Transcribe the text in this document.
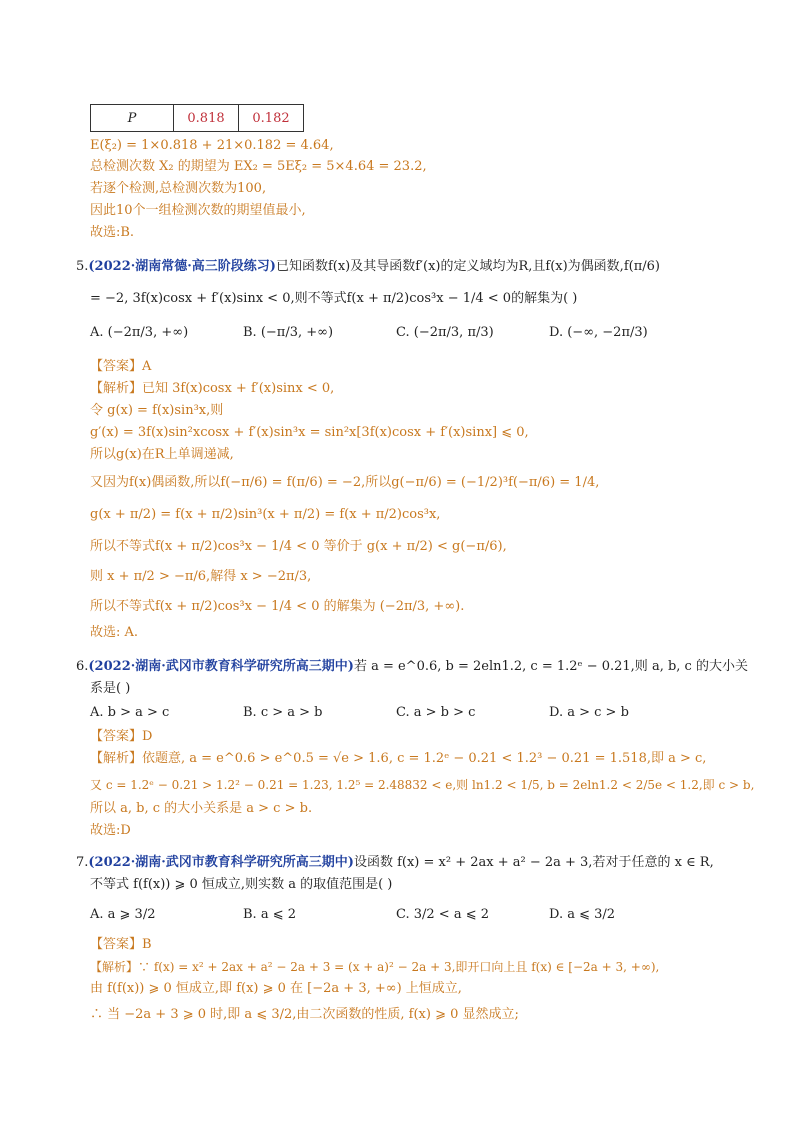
P	0.818	0.182
E(ξ₂) = 1×0.818 + 21×0.182 = 4.64,
总检测次数 X₂ 的期望为 EX₂ = 5Eξ₂ = 5×4.64 = 23.2,
若逐个检测,总检测次数为100,
因此10个一组检测次数的期望值最小,
故选:B.
5.(2022·湖南常德·高三阶段练习)已知函数f(x)及其导函数f′(x)的定义域均为R,且f(x)为偶函数,f(π/6)
= −2, 3f(x)cosx + f′(x)sinx < 0,则不等式f(x + π/2)cos³x − 1/4 < 0的解集为( )
A. (−2π/3, +∞)	B. (−π/3, +∞)	C. (−2π/3, π/3)	D. (−∞, −2π/3)
【答案】A
【解析】已知 3f(x)cosx + f′(x)sinx < 0,
令 g(x) = f(x)sin³x,则
g′(x) = 3f(x)sin²xcosx + f′(x)sin³x = sin²x[3f(x)cosx + f′(x)sinx] ⩽ 0,
所以g(x)在R上单调递减,
又因为f(x)偶函数,所以f(−π/6) = f(π/6) = −2,所以g(−π/6) = (−1/2)³f(−π/6) = 1/4,
g(x + π/2) = f(x + π/2)sin³(x + π/2) = f(x + π/2)cos³x,
所以不等式f(x + π/2)cos³x − 1/4 < 0 等价于 g(x + π/2) < g(−π/6),
则 x + π/2 > −π/6,解得 x > −2π/3,
所以不等式f(x + π/2)cos³x − 1/4 < 0 的解集为 (−2π/3, +∞).
故选: A.
6.(2022·湖南·武冈市教育科学研究所高三期中)若 a = e^0.6, b = 2eln1.2, c = 1.2ᵉ − 0.21,则 a, b, c 的大小关
系是( )
A. b > a > c	B. c > a > b	C. a > b > c	D. a > c > b
【答案】D
【解析】依题意, a = e^0.6 > e^0.5 = √e > 1.6, c = 1.2ᵉ − 0.21 < 1.2³ − 0.21 = 1.518,即 a > c,
又 c = 1.2ᵉ − 0.21 > 1.2² − 0.21 = 1.23, 1.2⁵ = 2.48832 < e,则 ln1.2 < 1/5, b = 2eln1.2 < 2/5e < 1.2,即 c > b,
所以 a, b, c 的大小关系是 a > c > b.
故选:D
7.(2022·湖南·武冈市教育科学研究所高三期中)设函数 f(x) = x² + 2ax + a² − 2a + 3,若对于任意的 x ∈ R,
不等式 f(f(x)) ⩾ 0 恒成立,则实数 a 的取值范围是( )
A. a ⩾ 3/2	B. a ⩽ 2	C. 3/2 < a ⩽ 2	D. a ⩽ 3/2
【答案】B
【解析】∵ f(x) = x² + 2ax + a² − 2a + 3 = (x + a)² − 2a + 3,即开口向上且 f(x) ∈ [−2a + 3, +∞),
由 f(f(x)) ⩾ 0 恒成立,即 f(x) ⩾ 0 在 [−2a + 3, +∞) 上恒成立,
∴ 当 −2a + 3 ⩾ 0 时,即 a ⩽ 3/2,由二次函数的性质, f(x) ⩾ 0 显然成立;
